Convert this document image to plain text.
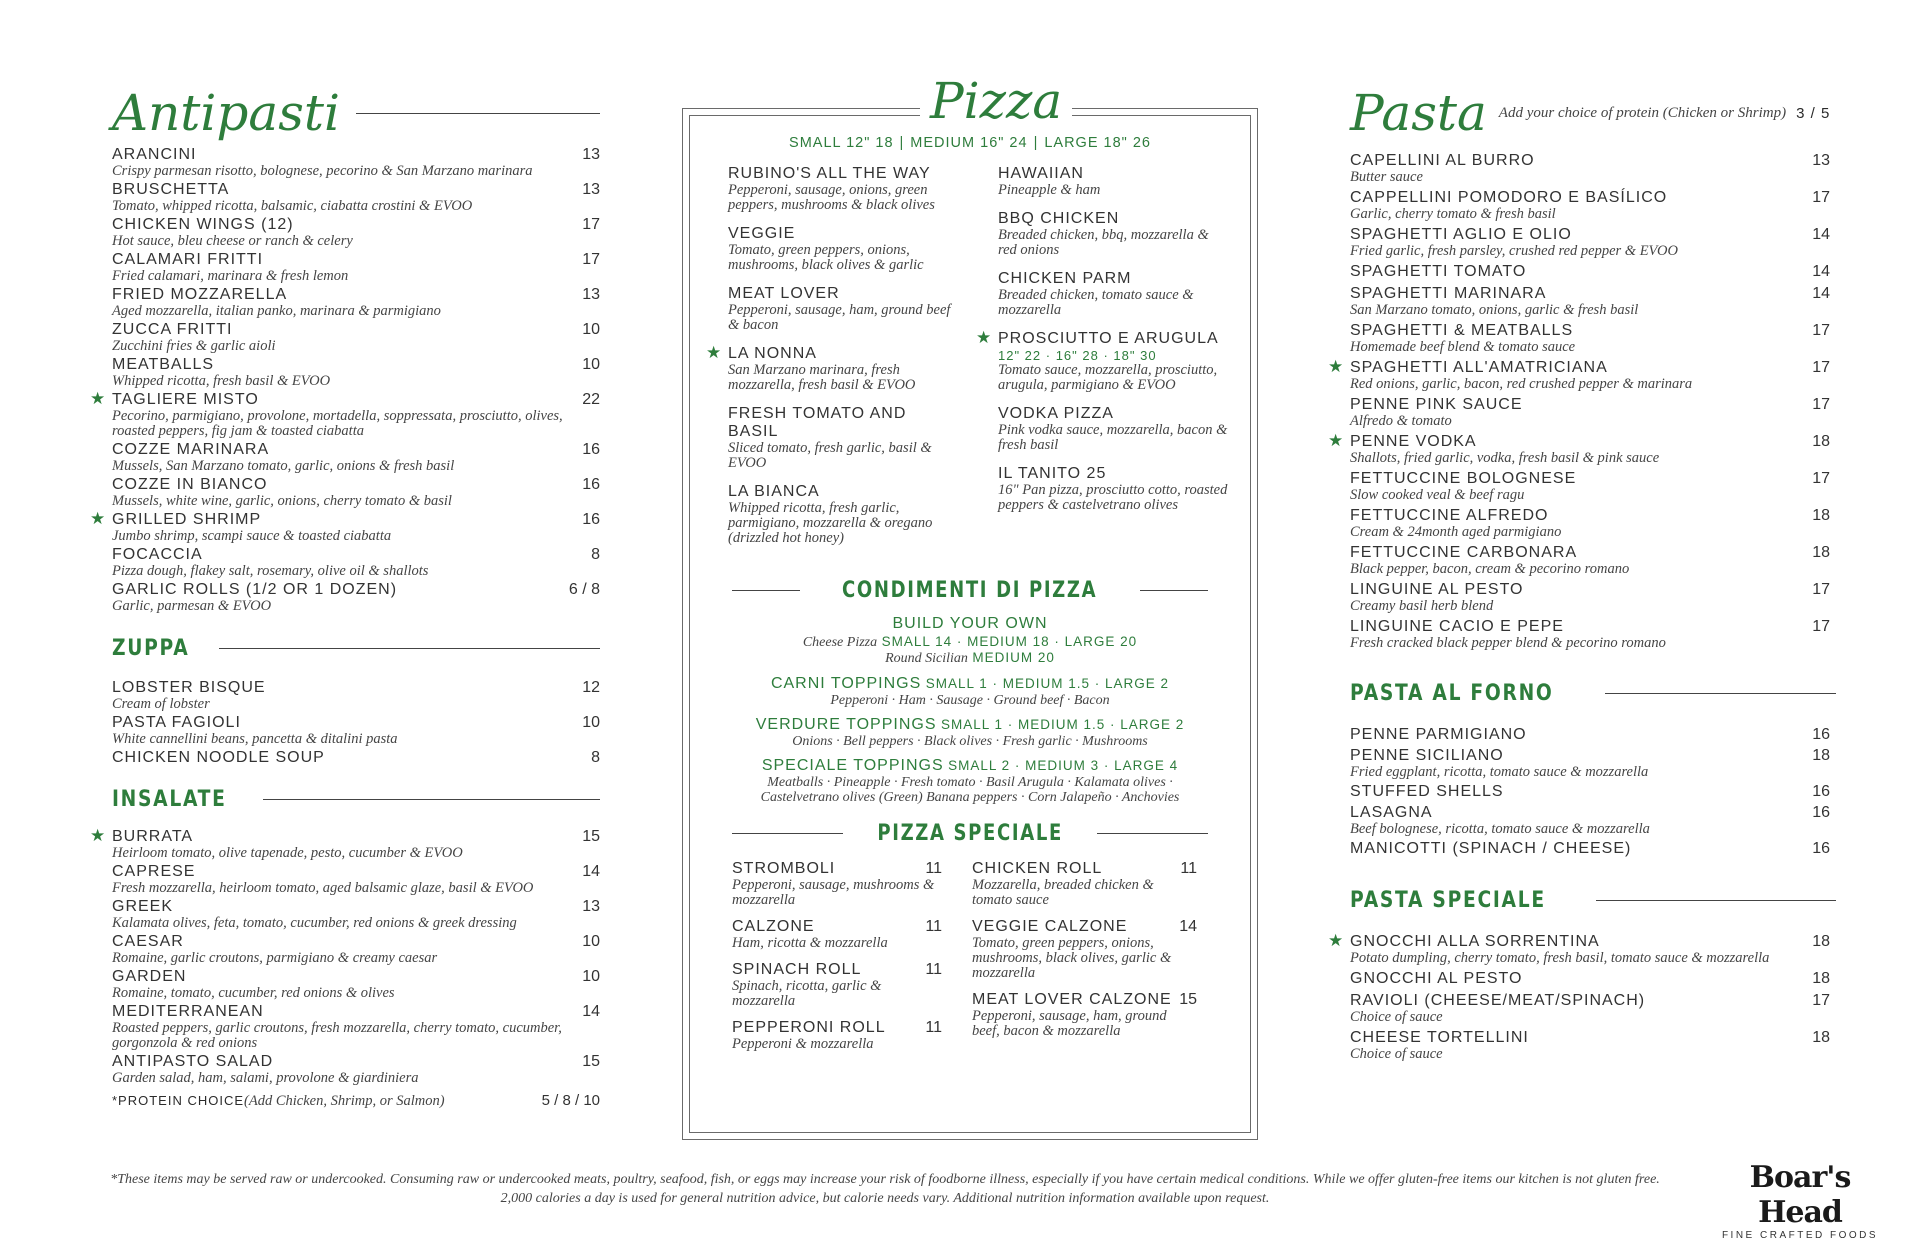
Antipasti
ARANCINI	13
Crispy parmesan risotto, bolognese, pecorino & San Marzano marinara
BRUSCHETTA	13
Tomato, whipped ricotta, balsamic, ciabatta crostini & EVOO
CHICKEN WINGS (12)	17
Hot sauce, bleu cheese or ranch & celery
CALAMARI FRITTI	17
Fried calamari, marinara & fresh lemon
FRIED MOZZARELLA	13
Aged mozzarella, italian panko, marinara & parmigiano
ZUCCA FRITTI	10
Zucchini fries & garlic aioli
MEATBALLS	10
Whipped ricotta, fresh basil & EVOO
★ TAGLIERE MISTO	22
Pecorino, parmigiano, provolone, mortadella, soppressata, prosciutto, olives, roasted peppers, fig jam & toasted ciabatta
COZZE MARINARA	16
Mussels, San Marzano tomato, garlic, onions & fresh basil
COZZE IN BIANCO	16
Mussels, white wine, garlic, onions, cherry tomato & basil
★ GRILLED SHRIMP	16
Jumbo shrimp, scampi sauce & toasted ciabatta
FOCACCIA	8
Pizza dough, flakey salt, rosemary, olive oil & shallots
GARLIC ROLLS (1/2 OR 1 DOZEN)	6 / 8
Garlic, parmesan & EVOO
ZUPPA
LOBSTER BISQUE	12
Cream of lobster
PASTA FAGIOLI	10
White cannellini beans, pancetta & ditalini pasta
CHICKEN NOODLE SOUP	8
INSALATE
★ BURRATA	15
Heirloom tomato, olive tapenade, pesto, cucumber & EVOO
CAPRESE	14
Fresh mozzarella, heirloom tomato, aged balsamic glaze, basil & EVOO
GREEK	13
Kalamata olives, feta, tomato, cucumber, red onions & greek dressing
CAESAR	10
Romaine, garlic croutons, parmigiano & creamy caesar
GARDEN	10
Romaine, tomato, cucumber, red onions & olives
MEDITERRANEAN	14
Roasted peppers, garlic croutons, fresh mozzarella, cherry tomato, cucumber, gorgonzola & red onions
ANTIPASTO SALAD	15
Garden salad, ham, salami, provolone & giardiniera
*PROTEIN CHOICE(Add Chicken, Shrimp, or Salmon)	5 / 8 / 10
Pizza
SMALL 12" 18 | MEDIUM 16" 24 | LARGE 18" 26
RUBINO'S ALL THE WAY
Pepperoni, sausage, onions, green peppers, mushrooms & black olives
VEGGIE
Tomato, green peppers, onions, mushrooms, black olives & garlic
MEAT LOVER
Pepperoni, sausage, ham, ground beef & bacon
★ LA NONNA
San Marzano marinara, fresh mozzarella, fresh basil & EVOO
FRESH TOMATO AND BASIL
Sliced tomato, fresh garlic, basil & EVOO
LA BIANCA
Whipped ricotta, fresh garlic, parmigiano, mozzarella & oregano (drizzled hot honey)
HAWAIIAN
Pineapple & ham
BBQ CHICKEN
Breaded chicken, bbq, mozzarella & red onions
CHICKEN PARM
Breaded chicken, tomato sauce & mozzarella
★ PROSCIUTTO E ARUGULA
12" 22 · 16" 28 · 18" 30
Tomato sauce, mozzarella, prosciutto, arugula, parmigiano & EVOO
VODKA PIZZA
Pink vodka sauce, mozzarella, bacon & fresh basil
IL TANITO 25
16" Pan pizza, prosciutto cotto, roasted peppers & castelvetrano olives
CONDIMENTI DI PIZZA
BUILD YOUR OWN
Cheese Pizza SMALL 14 · MEDIUM 18 · LARGE 20
Round Sicilian MEDIUM 20
CARNI TOPPINGS SMALL 1 · MEDIUM 1.5 · LARGE 2
Pepperoni · Ham · Sausage · Ground beef · Bacon
VERDURE TOPPINGS SMALL 1 · MEDIUM 1.5 · LARGE 2
Onions · Bell peppers · Black olives · Fresh garlic · Mushrooms
SPECIALE TOPPINGS SMALL 2 · MEDIUM 3 · LARGE 4
Meatballs · Pineapple · Fresh tomato · Basil Arugula · Kalamata olives · Castelvetrano olives (Green) Banana peppers · Corn Jalapeño · Anchovies
PIZZA SPECIALE
STROMBOLI	11
Pepperoni, sausage, mushrooms & mozzarella
CALZONE	11
Ham, ricotta & mozzarella
SPINACH ROLL	11
Spinach, ricotta, garlic & mozzarella
PEPPERONI ROLL	11
Pepperoni & mozzarella
CHICKEN ROLL	11
Mozzarella, breaded chicken & tomato sauce
VEGGIE CALZONE	14
Tomato, green peppers, onions, mushrooms, black olives, garlic & mozzarella
MEAT LOVER CALZONE 15
Pepperoni, sausage, ham, ground beef, bacon & mozzarella
Pasta Add your choice of protein (Chicken or Shrimp) 3 / 5
CAPELLINI AL BURRO	13
Butter sauce
CAPPELLINI POMODORO E BASÍLICO	17
Garlic, cherry tomato & fresh basil
SPAGHETTI AGLIO E OLIO	14
Fried garlic, fresh parsley, crushed red pepper & EVOO
SPAGHETTI TOMATO	14
SPAGHETTI MARINARA	14
San Marzano tomato, onions, garlic & fresh basil
SPAGHETTI & MEATBALLS	17
Homemade beef blend & tomato sauce
★ SPAGHETTI ALL'AMATRICIANA	17
Red onions, garlic, bacon, red crushed pepper & marinara
PENNE PINK SAUCE	17
Alfredo & tomato
★ PENNE VODKA	18
Shallots, fried garlic, vodka, fresh basil & pink sauce
FETTUCCINE BOLOGNESE	17
Slow cooked veal & beef ragu
FETTUCCINE ALFREDO	18
Cream & 24month aged parmigiano
FETTUCCINE CARBONARA	18
Black pepper, bacon, cream & pecorino romano
LINGUINE AL PESTO	17
Creamy basil herb blend
LINGUINE CACIO E PEPE	17
Fresh cracked black pepper blend & pecorino romano
PASTA AL FORNO
PENNE PARMIGIANO	16
PENNE SICILIANO	18
Fried eggplant, ricotta, tomato sauce & mozzarella
STUFFED SHELLS	16
LASAGNA	16
Beef bolognese, ricotta, tomato sauce & mozzarella
MANICOTTI (SPINACH / CHEESE)	16
PASTA SPECIALE
★ GNOCCHI ALLA SORRENTINA	18
Potato dumpling, cherry tomato, fresh basil, tomato sauce & mozzarella
GNOCCHI AL PESTO	18
RAVIOLI (CHEESE/MEAT/SPINACH)	17
Choice of sauce
CHEESE TORTELLINI	18
Choice of sauce
*These items may be served raw or undercooked. Consuming raw or undercooked meats, poultry, seafood, fish, or eggs may increase your risk of foodborne illness, especially if you have certain medical conditions. While we offer gluten-free items our kitchen is not gluten free. 2,000 calories a day is used for general nutrition advice, but calorie needs vary. Additional nutrition information available upon request.
Boar's Head
FINE CRAFTED FOODS
